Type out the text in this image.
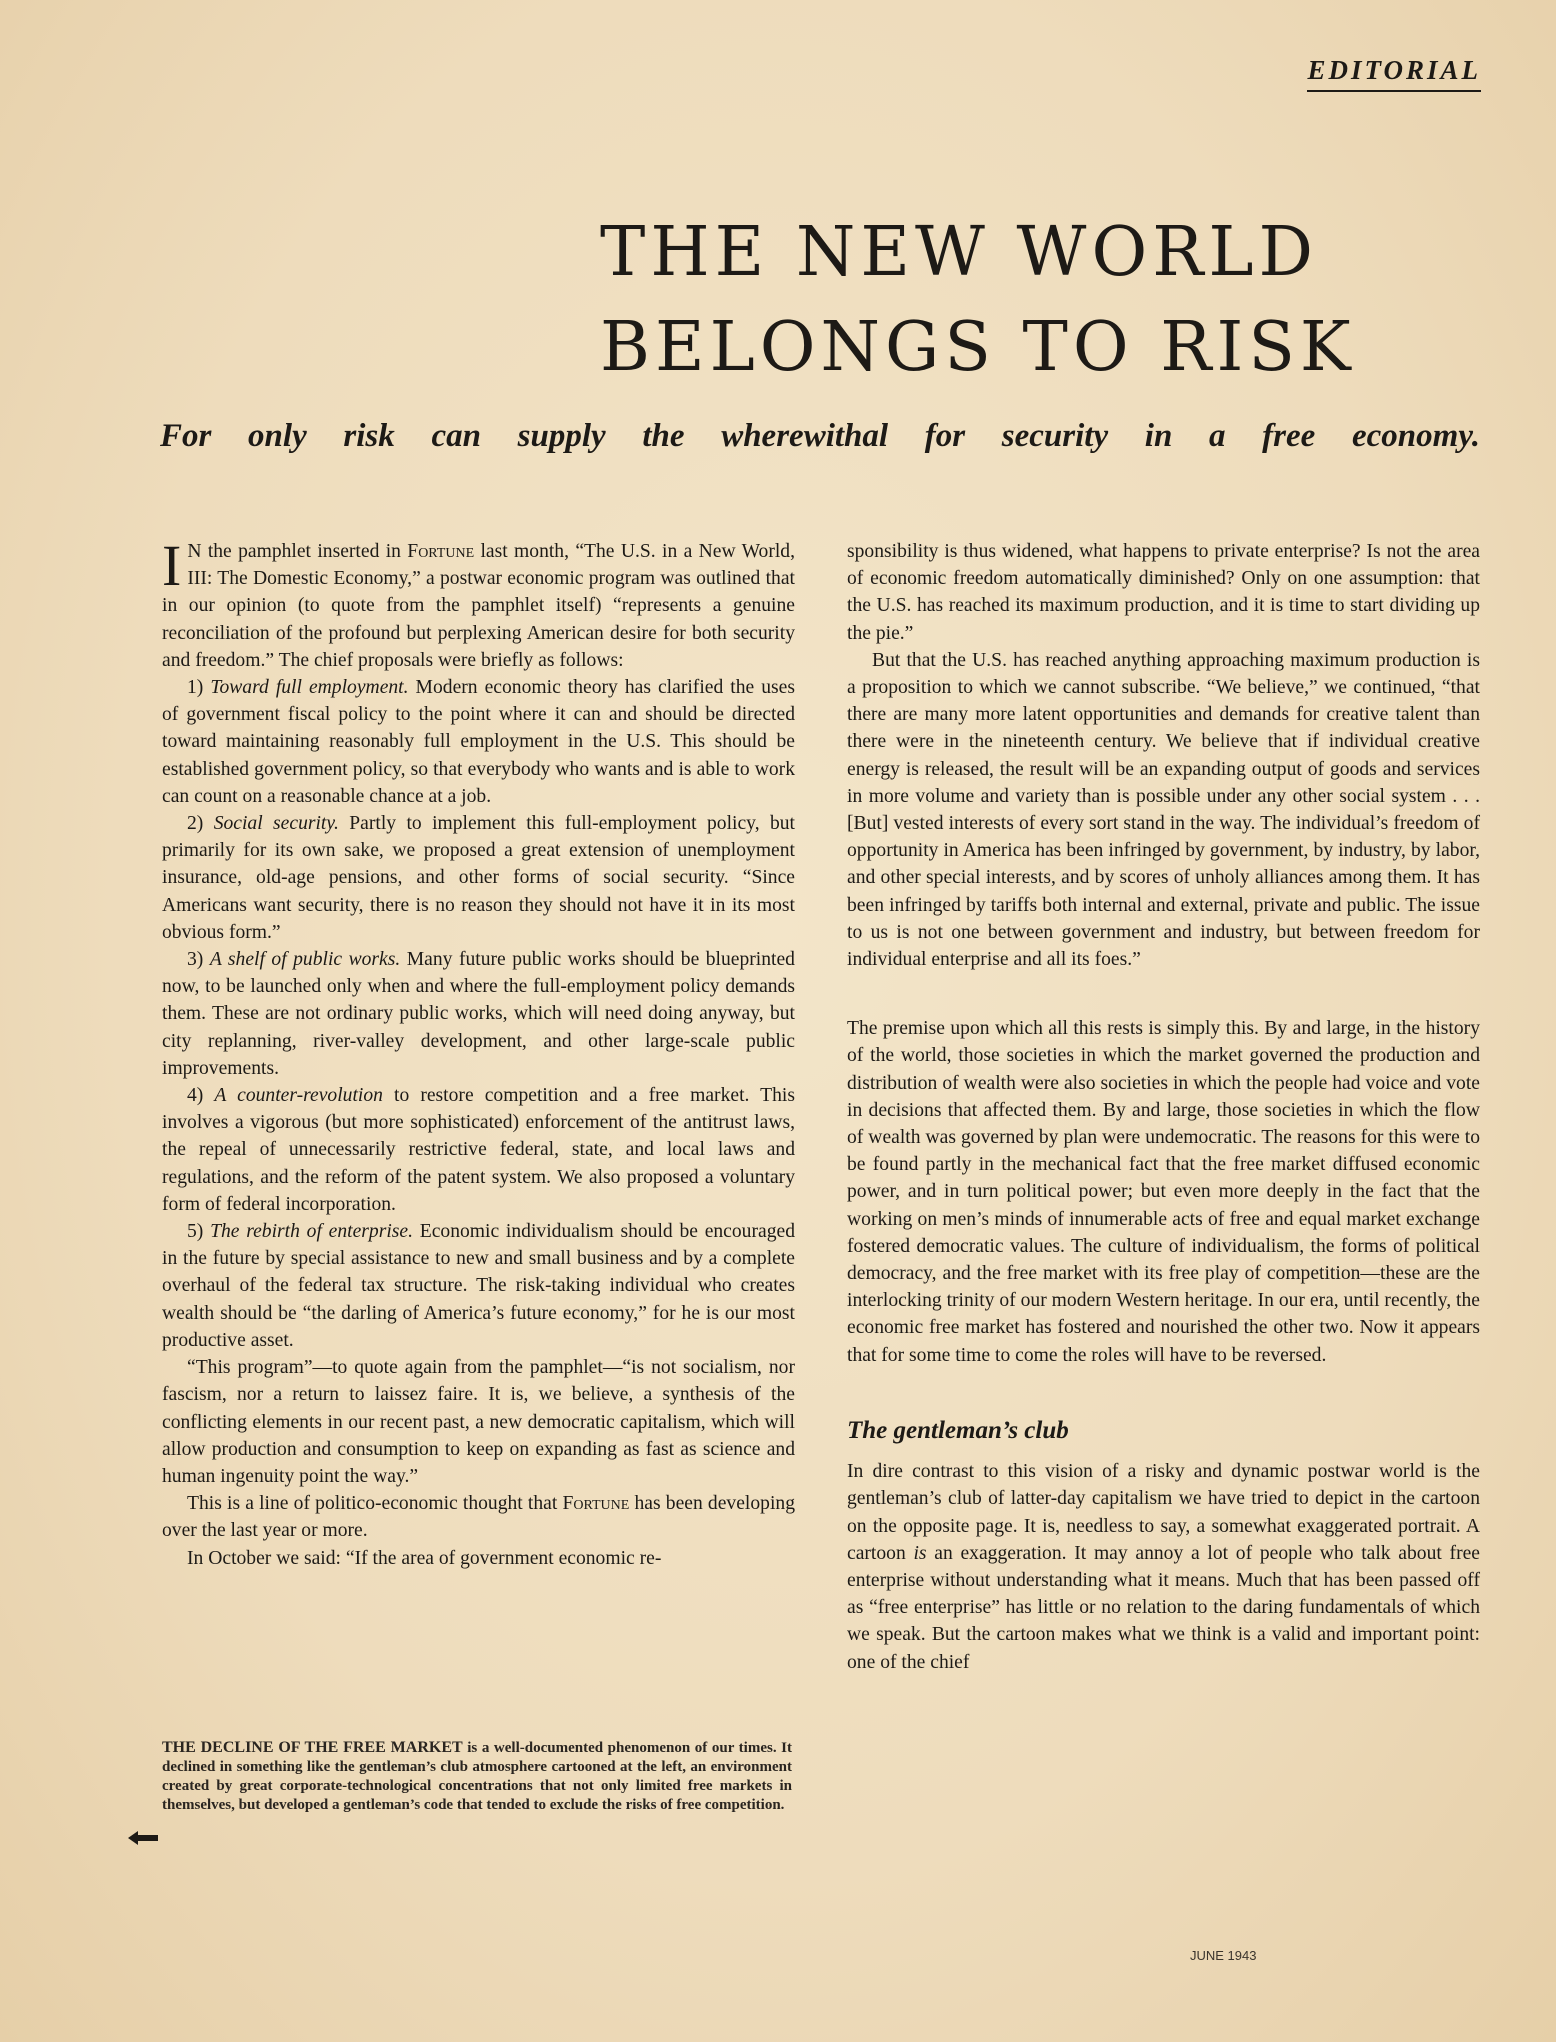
EDITORIAL
THE NEW WORLD
BELONGS TO RISK

For only risk can supply the wherewithal for security in a free economy.

I N the pamphlet inserted in Fortune last month, “The U.S. in a New World, III: The Domestic Economy,” a postwar economic program was outlined that in our opinion (to quote from the pamphlet itself) “represents a genuine reconciliation of the profound but perplexing American desire for both security and freedom.” The chief proposals were briefly as follows:

1) Toward full employment. Modern economic theory has clarified the uses of government fiscal policy to the point where it can and should be directed toward maintaining reasonably full employment in the U.S. This should be established government policy, so that everybody who wants and is able to work can count on a reasonable chance at a job.

2) Social security. Partly to implement this full-employment policy, but primarily for its own sake, we proposed a great extension of unemployment insurance, old-age pensions, and other forms of social security. “Since Americans want security, there is no reason they should not have it in its most obvious form.”

3) A shelf of public works. Many future public works should be blueprinted now, to be launched only when and where the full-employment policy demands them. These are not ordinary public works, which will need doing anyway, but city replanning, river-valley development, and other large-scale public improvements.

4) A counter-revolution to restore competition and a free market. This involves a vigorous (but more sophisticated) enforcement of the antitrust laws, the repeal of unnecessarily restrictive federal, state, and local laws and regulations, and the reform of the patent system. We also proposed a voluntary form of federal incorporation.

5) The rebirth of enterprise. Economic individualism should be encouraged in the future by special assistance to new and small business and by a complete overhaul of the federal tax structure. The risk-taking individual who creates wealth should be “the darling of America’s future economy,” for he is our most productive asset.

“This program”—to quote again from the pamphlet—“is not socialism, nor fascism, nor a return to laissez faire. It is, we believe, a synthesis of the conflicting elements in our recent past, a new democratic capitalism, which will allow production and consumption to keep on expanding as fast as science and human ingenuity point the way.”

This is a line of politico-economic thought that Fortune has been developing over the last year or more.

In October we said: “If the area of government economic re-

THE DECLINE OF THE FREE MARKET is a well-documented phenomenon of our times. It declined in something like the gentleman’s club atmosphere cartooned at the left, an environment created by great corporate-technological concentrations that not only limited free markets in themselves, but developed a gentleman’s code that tended to exclude the risks of free competition.

sponsibility is thus widened, what happens to private enterprise? Is not the area of economic freedom automatically diminished? Only on one assumption: that the U.S. has reached its maximum production, and it is time to start dividing up the pie.”

But that the U.S. has reached anything approaching maximum production is a proposition to which we cannot subscribe. “We believe,” we continued, “that there are many more latent opportunities and demands for creative talent than there were in the nineteenth century. We believe that if individual creative energy is released, the result will be an expanding output of goods and services in more volume and variety than is possible under any other social system . . . [But] vested interests of every sort stand in the way. The individual’s freedom of opportunity in America has been infringed by government, by industry, by labor, and other special interests, and by scores of unholy alliances among them. It has been infringed by tariffs both internal and external, private and public. The issue to us is not one between government and industry, but between freedom for individual enterprise and all its foes.”

The premise upon which all this rests is simply this. By and large, in the history of the world, those societies in which the market governed the production and distribution of wealth were also societies in which the people had voice and vote in decisions that affected them. By and large, those societies in which the flow of wealth was governed by plan were undemocratic. The reasons for this were to be found partly in the mechanical fact that the free market diffused economic power, and in turn political power; but even more deeply in the fact that the working on men’s minds of innumerable acts of free and equal market exchange fostered democratic values. The culture of individualism, the forms of political democracy, and the free market with its free play of competition—these are the interlocking trinity of our modern Western heritage. In our era, until recently, the economic free market has fostered and nourished the other two. Now it appears that for some time to come the roles will have to be reversed.

The gentleman’s club

In dire contrast to this vision of a risky and dynamic postwar world is the gentleman’s club of latter-day capitalism we have tried to depict in the cartoon on the opposite page. It is, needless to say, a somewhat exaggerated portrait. A cartoon is an exaggeration. It may annoy a lot of people who talk about free enterprise without understanding what it means. Much that has been passed off as “free enterprise” has little or no relation to the daring fundamentals of which we speak. But the cartoon makes what we think is a valid and important point: one of the chief

JUNE 1943
